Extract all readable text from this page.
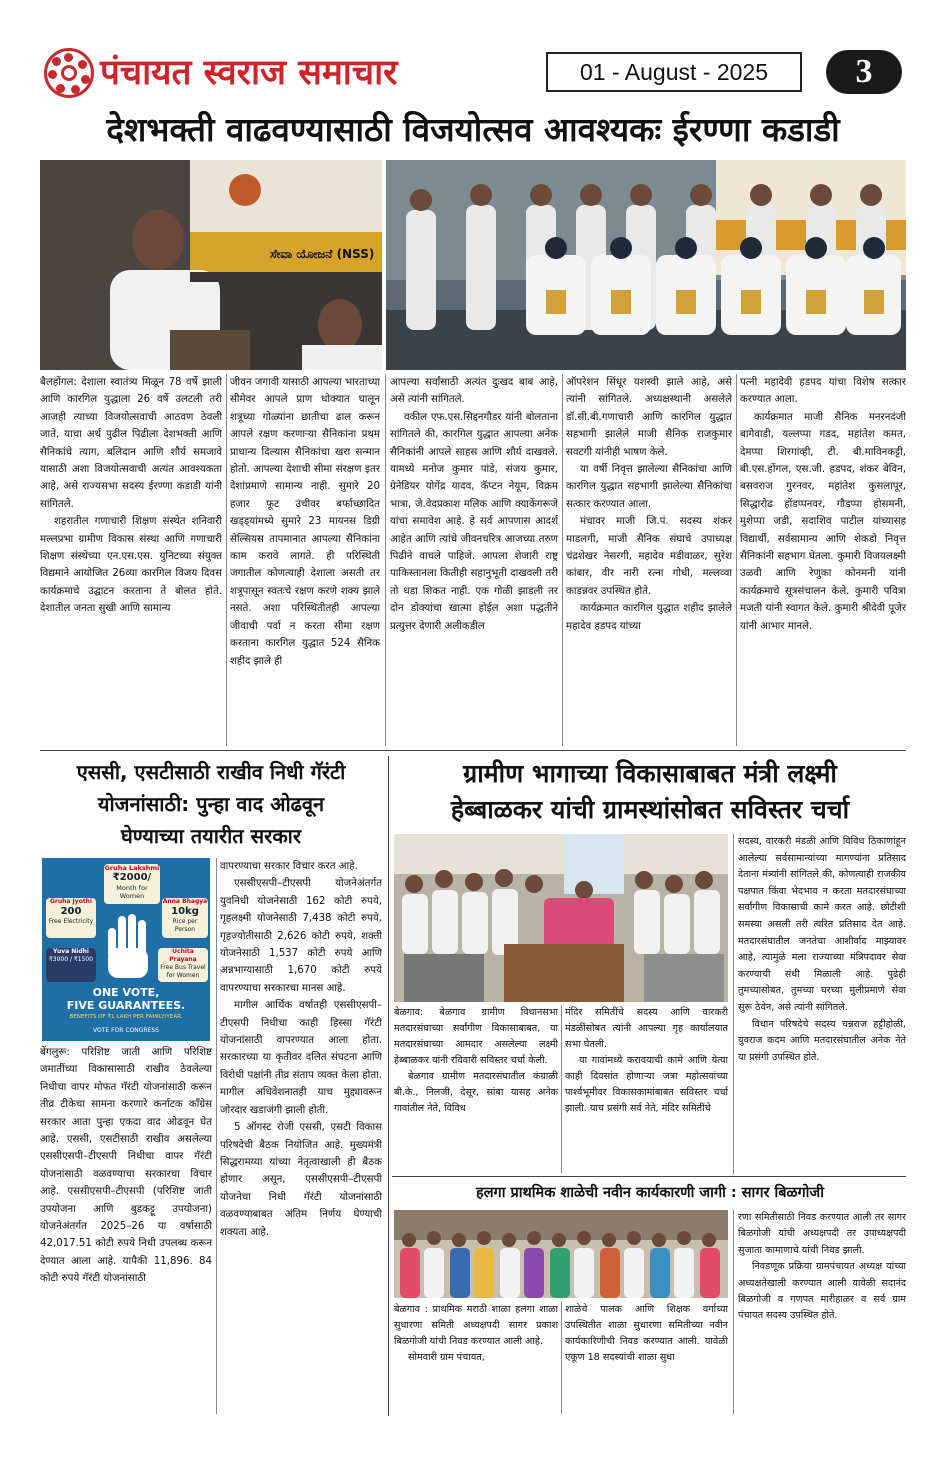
पंचायत स्वराज समाचार	01 - August - 2025	3
देशभक्ती वाढवण्यासाठी विजयोत्सव आवश्यकः ईरण्णा कडाडी
ಸೇವಾ ಯೋಜನೆ (NSS)

बैलहोंगल: देशाला स्वातंत्र्य मिळून 78 वर्षे झाली आणि कारगिल युद्धाला 26 वर्षे उलटली तरी आजही त्याच्या विजयोत्सवाची आठवण ठेवली जाते, याचा अर्थ पुढील पिढीला देशभक्ती आणि सैनिकांचे त्याग, बलिदान आणि शौर्य समजावे यासाठी अशा विजयोत्सवाची अत्यंत आवश्यकता आहे, असे राज्यसभा सदस्य ईरण्णा कडाडी यांनी सांगितले.

शहरातील गणाचारी शिक्षण संस्थेत शनिवारी मल्लप्रभा ग्रामीण विकास संस्था आणि गणाचारी शिक्षण संस्थेच्या एन.एस.एस. युनिटच्या संयुक्त विद्यमाने आयोजित 26व्या कारगिल विजय दिवस कार्यक्रमाचे उद्घाटन करताना ते बोलत होते. देशातील जनता सुखी आणि सामान्य

जीवन जगावी यासाठी आपल्या भारताच्या सीमेवर आपले प्राण धोक्यात घालून शत्रूच्या गोळ्यांना छातीचा ढाल करून आपले रक्षण करणाऱ्या सैनिकांना प्रथम प्राधान्य दिल्यास सैनिकांचा खरा सन्मान होतो. आपल्या देशाची सीमा संरक्षण इतर देशांप्रमाणे सामान्य नाही. सुमारे 20 हजार फूट उंचीवर बर्फाच्छादित खड्ड्यांमध्ये सुमारे 23 मायनस डिग्री सेल्सियस तापमानात आपल्या सैनिकांना काम करावे लागते. ही परिस्थिती जगातील कोणत्याही देशाला असती तर शत्रूपासून स्वतःचे रक्षण करणे शक्य झाले नसते. अशा परिस्थितीतही आपल्या जीवाची पर्वा न करता सीमा रक्षण करताना कारगिल युद्धात 524 सैनिक शहीद झाले ही

आपल्या सर्वांसाठी अत्यंत दुःखद बाब आहे, असे त्यांनी सांगितले.

वकील एफ.एस.सिद्दनगौडर यांनी बोलताना सांगितले की, कारगिल युद्धात आपल्या अनेक सैनिकांनी आपले साहस आणि शौर्य दाखवले. यामध्ये मनोज कुमार पांडे, संजय कुमार, ग्रेनेडियर योगेंद्र यादव, कॅप्टन नेयूम, विक्रम भात्रा, जे.वेदप्रकाश मलिक आणि क्याकेंगरूजे यांचा समावेश आहे. हे सर्व आपणास आदर्श आहेत आणि त्यांचे जीवनचरित्र आजच्या तरुण पिढीने वाचले पाहिजे. आपला शेजारी राष्ट्र पाकिस्तानला कितीही सहानुभूती दाखवली तरी तो धडा शिकत नाही. एक गोळी झाडली तर दोन डोक्यांचा खात्मा होईल अशा पद्धतीने प्रत्युत्तर देणारी अलीकडील

ऑपरेशन सिंधूर यशस्वी झाले आहे, असे त्यांनी सांगितले. अध्यक्षस्थानी असलेले डॉ.सी.बी.गणाचारी आणि कारगिल युद्धात सहभागी झालेले माजी सैनिक राजकुमार सवटगी यांनीही भाषण केले.

या वर्षी निवृत्त झालेल्या सैनिकांचा आणि कारगिल युद्धात सहभागी झालेल्या सैनिकांचा सत्कार करण्यात आला.

मंचावर माजी जि.पं. सदस्य शंकर माडलगी, माजी सैनिक संघाचे उपाध्यक्ष चंद्रशेखर नेसरगी, महादेव मडीवाळर, सुरेश कांबार, वीर नारी रत्ना गोधी, मल्लव्वा काडन्नवर उपस्थित होते.

कार्यक्रमात कारगिल युद्धात शहीद झालेले महादेव हडपद यांच्या

पत्नी महादेवी हडपद यांचा विशेष सत्कार करण्यात आला.

कार्यक्रमात माजी सैनिक मनरनदंजी बागेवाडी, यल्लप्पा गडद, महांतेश कमत, देमप्पा शिरगांव्ही, टी. बी.माविनकट्टी, बी.एस.होंगल, एस.जी. हडपद, शंकर बेविन, बसवराज गुरनवर, महांतेश कुसलापूर, सिद्धारोढ होंडप्पनवर, गौडप्पा होसमनी, मुशेप्पा जडी, सदाशिव पाटील यांच्यासह विद्यार्थी, सर्वसामान्य आणि शेकडो निवृत्त सैनिकांनी सहभाग घेतला. कुमारी विजयलक्ष्मी उळवी आणि रेणुका कोनमनी यांनी कार्यक्रमाचे सूत्रसंचालन केले. कुमारी पवित्रा मजती यांनी स्वागत केले. कुमारी श्रीदेवी पूजेर यांनी आभार मानले.

एससी, एसटीसाठी राखीव निधी गॅरंटी
योजनांसाठी: पुन्हा वाद ओढवून
घेण्याच्या तयारीत सरकार
Gruha Lakshmi
₹2000/
Month for Women
Anna Bhagya
10kg
Rice per Person
Gruha Jyothi
200
Free Electricity
Yuva Nidhi
₹3000 / ₹1500
Uchita Prayana
Free Bus Travel for Women
ONE VOTE,
FIVE GUARANTEES.
BENEFITS OF ₹1 LAKH PER FAMILY/YEAR.
VOTE FOR CONGRESS

बेंगलुरू: परिशिष्ट जाती आणि परिशिष्ट जमातींच्या विकासासाठी राखीव ठेवलेल्या निधीचा वापर मोफत गॅरंटी योजनांसाठी करून तीव्र टीकेचा सामना करणारे कर्नाटक काँग्रेस सरकार आता पुन्हा एकदा वाद ओढवून घेत आहे. एससी, एसटीसाठी राखीव असलेल्या एससीएसपी–टीएसपी निधीचा वापर गॅरंटी योजनांसाठी वळवण्याचा सरकारचा विचार आहे. एससीएसपी–टीएसपी (परिशिष्ट जाती उपयोजना आणि बुडकट्टू उपयोजना) योजनेअंतर्गत 2025–26 या वर्षासाठी 42,017.51 कोटी रुपये निधी उपलब्ध करून देण्यात आला आहे. यापैकी 11,896. 84 कोटी रुपये गॅरंटी योजनांसाठी

वापरण्याचा सरकार विचार करत आहे.

एससीएसपी–टीएसपी योजनेअंतर्गत युवनिधी योजनेसाठी 162 कोटी रुपये, गृहलक्ष्मी योजनेसाठी 7,438 कोटी रुपये, गृहज्योतीसाठी 2,626 कोटी रुपये, शक्ती योजनेसाठी 1,537 कोटी रुपये आणि अन्नभाग्यासाठी 1,670 कोटी रुपये वापरण्याचा सरकारचा मानस आहे.

मागील आर्थिक वर्षातही एससीएसपी–टीएसपी निधीचा काही हिस्सा गॅरंटी योजनांसाठी वापरण्यात आला होता. सरकारच्या या कृतीवर दलित संघटना आणि विरोधी पक्षांनी तीव्र संताप व्यक्त केला होता. मागील अधिवेशनातही याच मुद्द्यावरून जोरदार खडाजंगी झाली होती.

5 ऑगस्ट रोजी एससी, एसटी विकास परिषदेची बैठक नियोजित आहे. मुख्यमंत्री सिद्धरामय्या यांच्या नेतृत्वाखाली ही बैठक होणार असून, एससीएसपी–टीएसपी योजनेचा निधी गॅरंटी योजनांसाठी वळवण्याबाबत अंतिम निर्णय घेण्याची शक्यता आहे.

ग्रामीण भागाच्या विकासाबाबत मंत्री लक्ष्मी
हेब्बाळकर यांची ग्रामस्थांसोबत सविस्तर चर्चा

बेळगाव: बेळगाव ग्रामीण विधानसभा मतदारसंघाच्या सर्वांगीण विकासाबाबत, या मतदारसंघाच्या आमदार असलेल्या लक्ष्मी हेब्बाळकर यांनी रविवारी सविस्तर चर्चा केली.

बेळगाव ग्रामीण मतदारसंघातील कंग्राळी बी.के., निलजी, देसूर, सांबा यासह अनेक गावांतील नेते, विविध

मंदिर समितींचे सदस्य आणि वारकरी मंडळींसोबत त्यांनी आपल्या गृह कार्यालयात सभा घेतली.

या गावांमध्ये करावयाची कामे आणि येत्या काही दिवसांत होणाऱ्या जत्रा महोत्सवांच्या पार्श्वभूमीवर विकासकामांबाबत सविस्तर चर्चा झाली. याच प्रसंगी सर्व नेते, मंदिर समितींचे

सदस्य, वारकरी मंडळी आणि विविध ठिकाणांहून आलेल्या सर्वसामान्यांच्या मागण्यांना प्रतिसाद देताना मंत्र्यांनी सांगितले की, कोणत्याही राजकीय पक्षपात किंवा भेदभाव न करता मतदारसंघाच्या सर्वांगीण विकासाची कामे करत आहे. छोटीशी समस्या असली तरी त्वरित प्रतिसाद देत आहे. मतदारसंघातील जनतेचा आशीर्वाद माझ्यावर आहे, त्यामुळे मला राज्याच्या मंत्रिपदावर सेवा करण्याची संधी मिळाली आहे. पुढेही तुमच्यासोबत, तुमच्या घरच्या मुलीप्रमाणे सेवा सुरू ठेवेन, असे त्यांनी सांगितले.

विधान परिषदेचे सदस्य चन्नराज हट्टीहोळी, युवराज कदम आणि मतदारसंघातील अनेक नेते या प्रसंगी उपस्थित होते.

हलगा प्राथमिक शाळेची नवीन कार्यकारणी जागी : सागर बिळगोजी

बेळगाव : प्राथमिक मराठी शाळा हलगा शाळा सुधारणा समिती अध्यक्षपदी सागर प्रकाश बिळगोजी यांची निवड करण्यात आली आहे.

सोमवारी ग्राम पंचायत,

शाळेचे पालक आणि शिक्षक वर्गाच्या उपस्थितीत शाळा सुधारणा समितीच्या नवीन कार्यकारिणीची निवड करण्यात आली. यावेळी एकूण 18 सदस्यांची शाळा सुधा

रणा समितीसाठी निवड करण्यात आली तर सागर बिळगोजी यांची अध्यक्षपदी तर उपाध्यक्षपदी सुजाता कामाणाचे यांची निवड झाली.

निवडणूक प्रक्रिया ग्रामपंचायत अध्यक्ष यांच्या अध्यक्षतेखाली करण्यात आली यावेळी सदानंद बिळगोजी व गणपत मारीहाळर व सर्व ग्राम पंचायत सदस्य उपस्थित होते.
